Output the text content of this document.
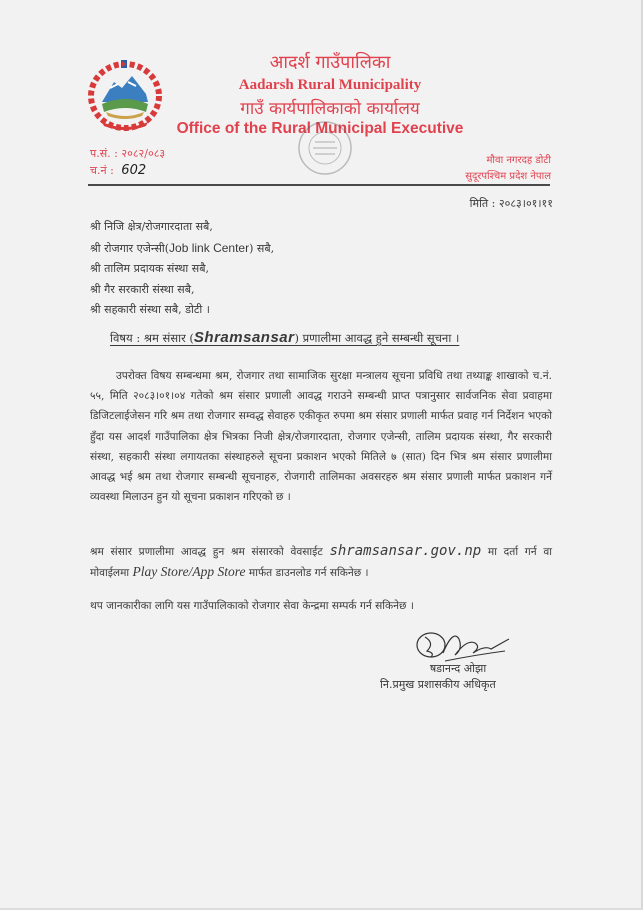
आदर्श गाउँपालिका
Aadarsh Rural Municipality
गाउँ कार्यपालिकाको कार्यालय
Office of the Rural Municipal Executive
प.सं. : २०८२/०८३
च.नं : 602
मौवा नगरदह डोटी
सुदूरपश्चिम प्रदेश नेपाल
मिति : २०८३।०१।११
श्री निजि क्षेत्र/रोजगारदाता सबै,
श्री रोजगार एजेन्सी(Job link Center) सबै,
श्री तालिम प्रदायक संस्था सबै,
श्री गैर सरकारी संस्था सबै,
श्री सहकारी संस्था सबै, डोटी ।
विषय : श्रम संसार (Shramsansar) प्रणालीमा आवद्ध हुने सम्बन्धी सूचना ।
उपरोक्त विषय सम्बन्धमा श्रम, रोजगार तथा सामाजिक सुरक्षा मन्त्रालय सूचना प्रविधि तथा तथ्याङ्क शाखाको च.नं. ५५, मिति २०८३।०१।०४ गतेको श्रम संसार प्रणाली आवद्ध गराउने सम्बन्धी प्राप्त पत्रानुसार सार्वजनिक सेवा प्रवाहमा डिजिटलाईजेसन गरि श्रम तथा रोजगार सम्वद्ध सेवाहरु एकीकृत रुपमा श्रम संसार प्रणाली मार्फत प्रवाह गर्न निर्देशन भएको हुँदा यस आदर्श गाउँपालिका क्षेत्र भित्रका निजी क्षेत्र/रोजगारदाता, रोजगार एजेन्सी, तालिम प्रदायक संस्था, गैर सरकारी संस्था, सहकारी संस्था लगायतका संस्थाहरुले सूचना प्रकाशन भएको मितिले ७ (सात) दिन भित्र श्रम संसार प्रणालीमा आवद्ध भई श्रम तथा रोजगार सम्बन्धी सूचनाहरु, रोजगारी तालिमका अवसरहरु श्रम संसार प्रणाली मार्फत प्रकाशन गर्ने व्यवस्था मिलाउन हुन यो सूचना प्रकाशन गरिएको छ ।
श्रम संसार प्रणालीमा आवद्ध हुन श्रम संसारको वेवसाईट shramsansar.gov.np मा दर्ता गर्न वा मोवाईलमा Play Store/App Store मार्फत डाउनलोड गर्न सकिनेछ ।
थप जानकारीका लागि यस गाउँपालिकाको रोजगार सेवा केन्द्रमा सम्पर्क गर्न सकिनेछ ।
षडानन्द ओझा
नि.प्रमुख प्रशासकीय अधिकृत
